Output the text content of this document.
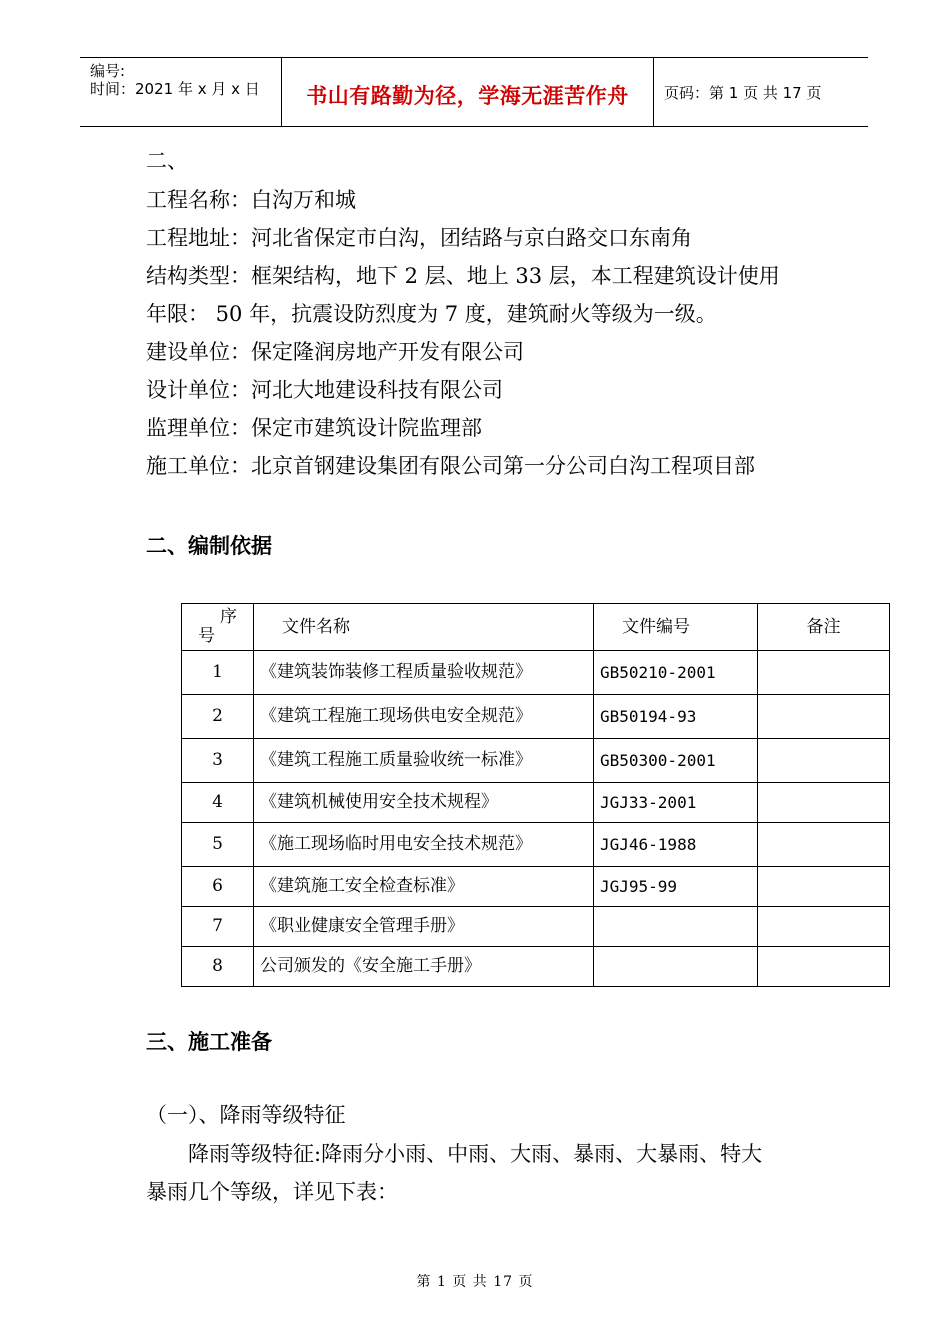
编号:
时间：2021 年 x 月 x 日	书山有路勤为径，学海无涯苦作舟	页码：第 1 页 共 17 页
二、
工程名称：白沟万和城
工程地址：河北省保定市白沟，团结路与京白路交口东南角
结构类型：框架结构，地下 2 层、地上 33 层，本工程建筑设计使用
年限： 50 年，抗震设防烈度为 7 度，建筑耐火等级为一级。
建设单位：保定隆润房地产开发有限公司
设计单位：河北大地建设科技有限公司
监理单位：保定市建筑设计院监理部
施工单位：北京首钢建设集团有限公司第一分公司白沟工程项目部
二、编制依据
序
号	文件名称	文件编号	备注
1	《建筑装饰装修工程质量验收规范》	GB50210-2001	
2	《建筑工程施工现场供电安全规范》	GB50194-93	
3	《建筑工程施工质量验收统一标准》	GB50300-2001	
4	《建筑机械使用安全技术规程》	JGJ33-2001	
5	《施工现场临时用电安全技术规范》	JGJ46-1988	
6	《建筑施工安全检查标准》	JGJ95-99	
7	《职业健康安全管理手册》		
8	公司颁发的《安全施工手册》		
三、施工准备
（一）、降雨等级特征
降雨等级特征:降雨分小雨、中雨、大雨、暴雨、大暴雨、特大
暴雨几个等级，详见下表：
第 1 页 共 17 页
